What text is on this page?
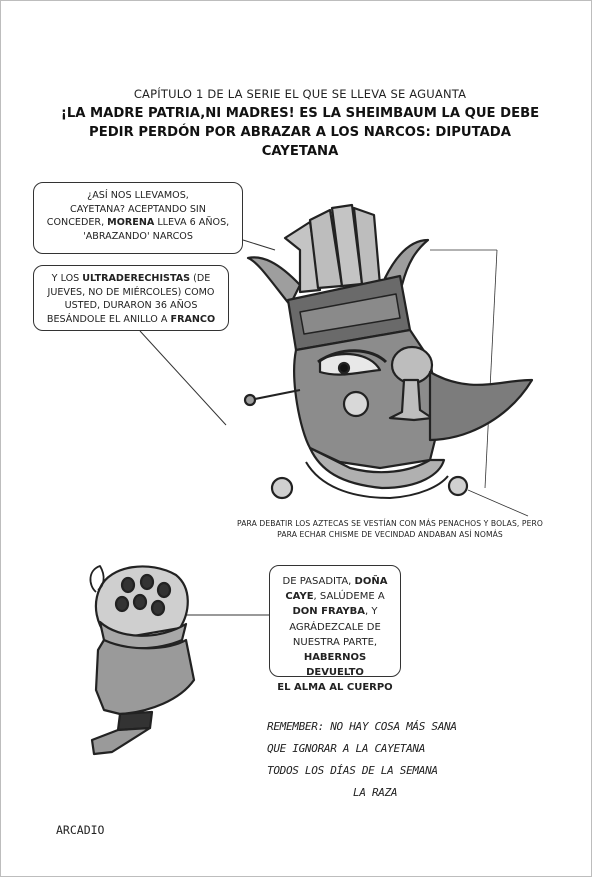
CAPÍTULO 1 DE LA SERIE EL QUE SE LLEVA SE AGUANTA
¡LA MADRE PATRIA,NI MADRES! ES LA SHEIMBAUM LA QUE DEBE
PEDIR PERDÓN POR ABRAZAR A LOS NARCOS: DIPUTADA CAYETANA
¿ASÍ NOS LLEVAMOS,
CAYETANA? ACEPTANDO SIN
CONCEDER, MORENA LLEVA 6 AÑOS,
'ABRAZANDO' NARCOS
Y LOS ULTRADERECHISTAS (DE
JUEVES, NO DE MIÉRCOLES) COMO
USTED, DURARON 36 AÑOS
BESÁNDOLE EL ANILLO A FRANCO
PARA DEBATIR LOS AZTECAS SE VESTÍAN CON MÁS PENACHOS Y BOLAS, PERO
PARA ECHAR CHISME DE VECINDAD ANDABAN ASÍ NOMÁS
DE PASADITA, DOÑA
CAYE, SALÚDEME A
DON FRAYBA, Y
AGRÁDEZCALE DE
NUESTRA PARTE,
HABERNOS DEVUELTO
EL ALMA AL CUERPO
REMEMBER: NO HAY COSA MÁS SANA
QUE IGNORAR A LA CAYETANA
TODOS LOS DÍAS DE LA SEMANA
LA RAZA
ARCADIO
